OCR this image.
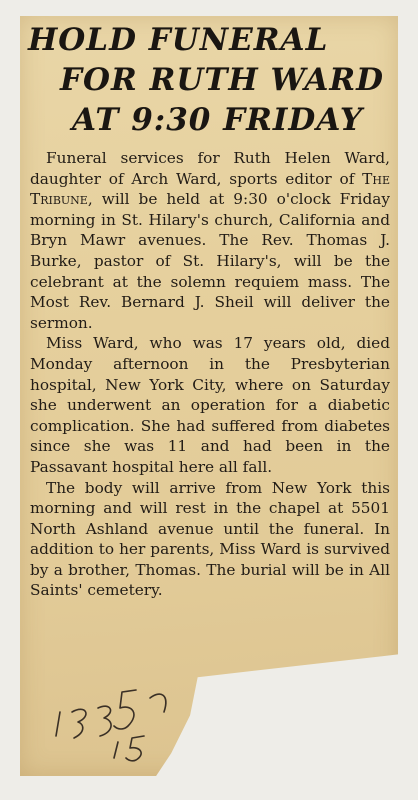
HOLD FUNERAL
FOR RUTH WARD
AT 9:30 FRIDAY

Funeral services for Ruth Helen Ward, daughter of Arch Ward, sports editor of The Tribune, will be held at 9:30 o'clock Friday morning in St. Hilary's church, California and Bryn Mawr avenues. The Rev. Thomas J. Burke, pastor of St. Hilary's, will be the celebrant at the solemn requiem mass. The Most Rev. Bernard J. Sheil will deliver the sermon.

Miss Ward, who was 17 years old, died Monday afternoon in the Presbyterian hospital, New York City, where on Saturday she underwent an operation for a diabetic complication. She had suffered from diabetes since she was 11 and had been in the Passavant hospital here all fall.

The body will arrive from New York this morning and will rest in the chapel at 5501 North Ashland avenue until the funeral. In addition to her parents, Miss Ward is survived by a brother, Thomas. The burial will be in All Saints' cemetery.
